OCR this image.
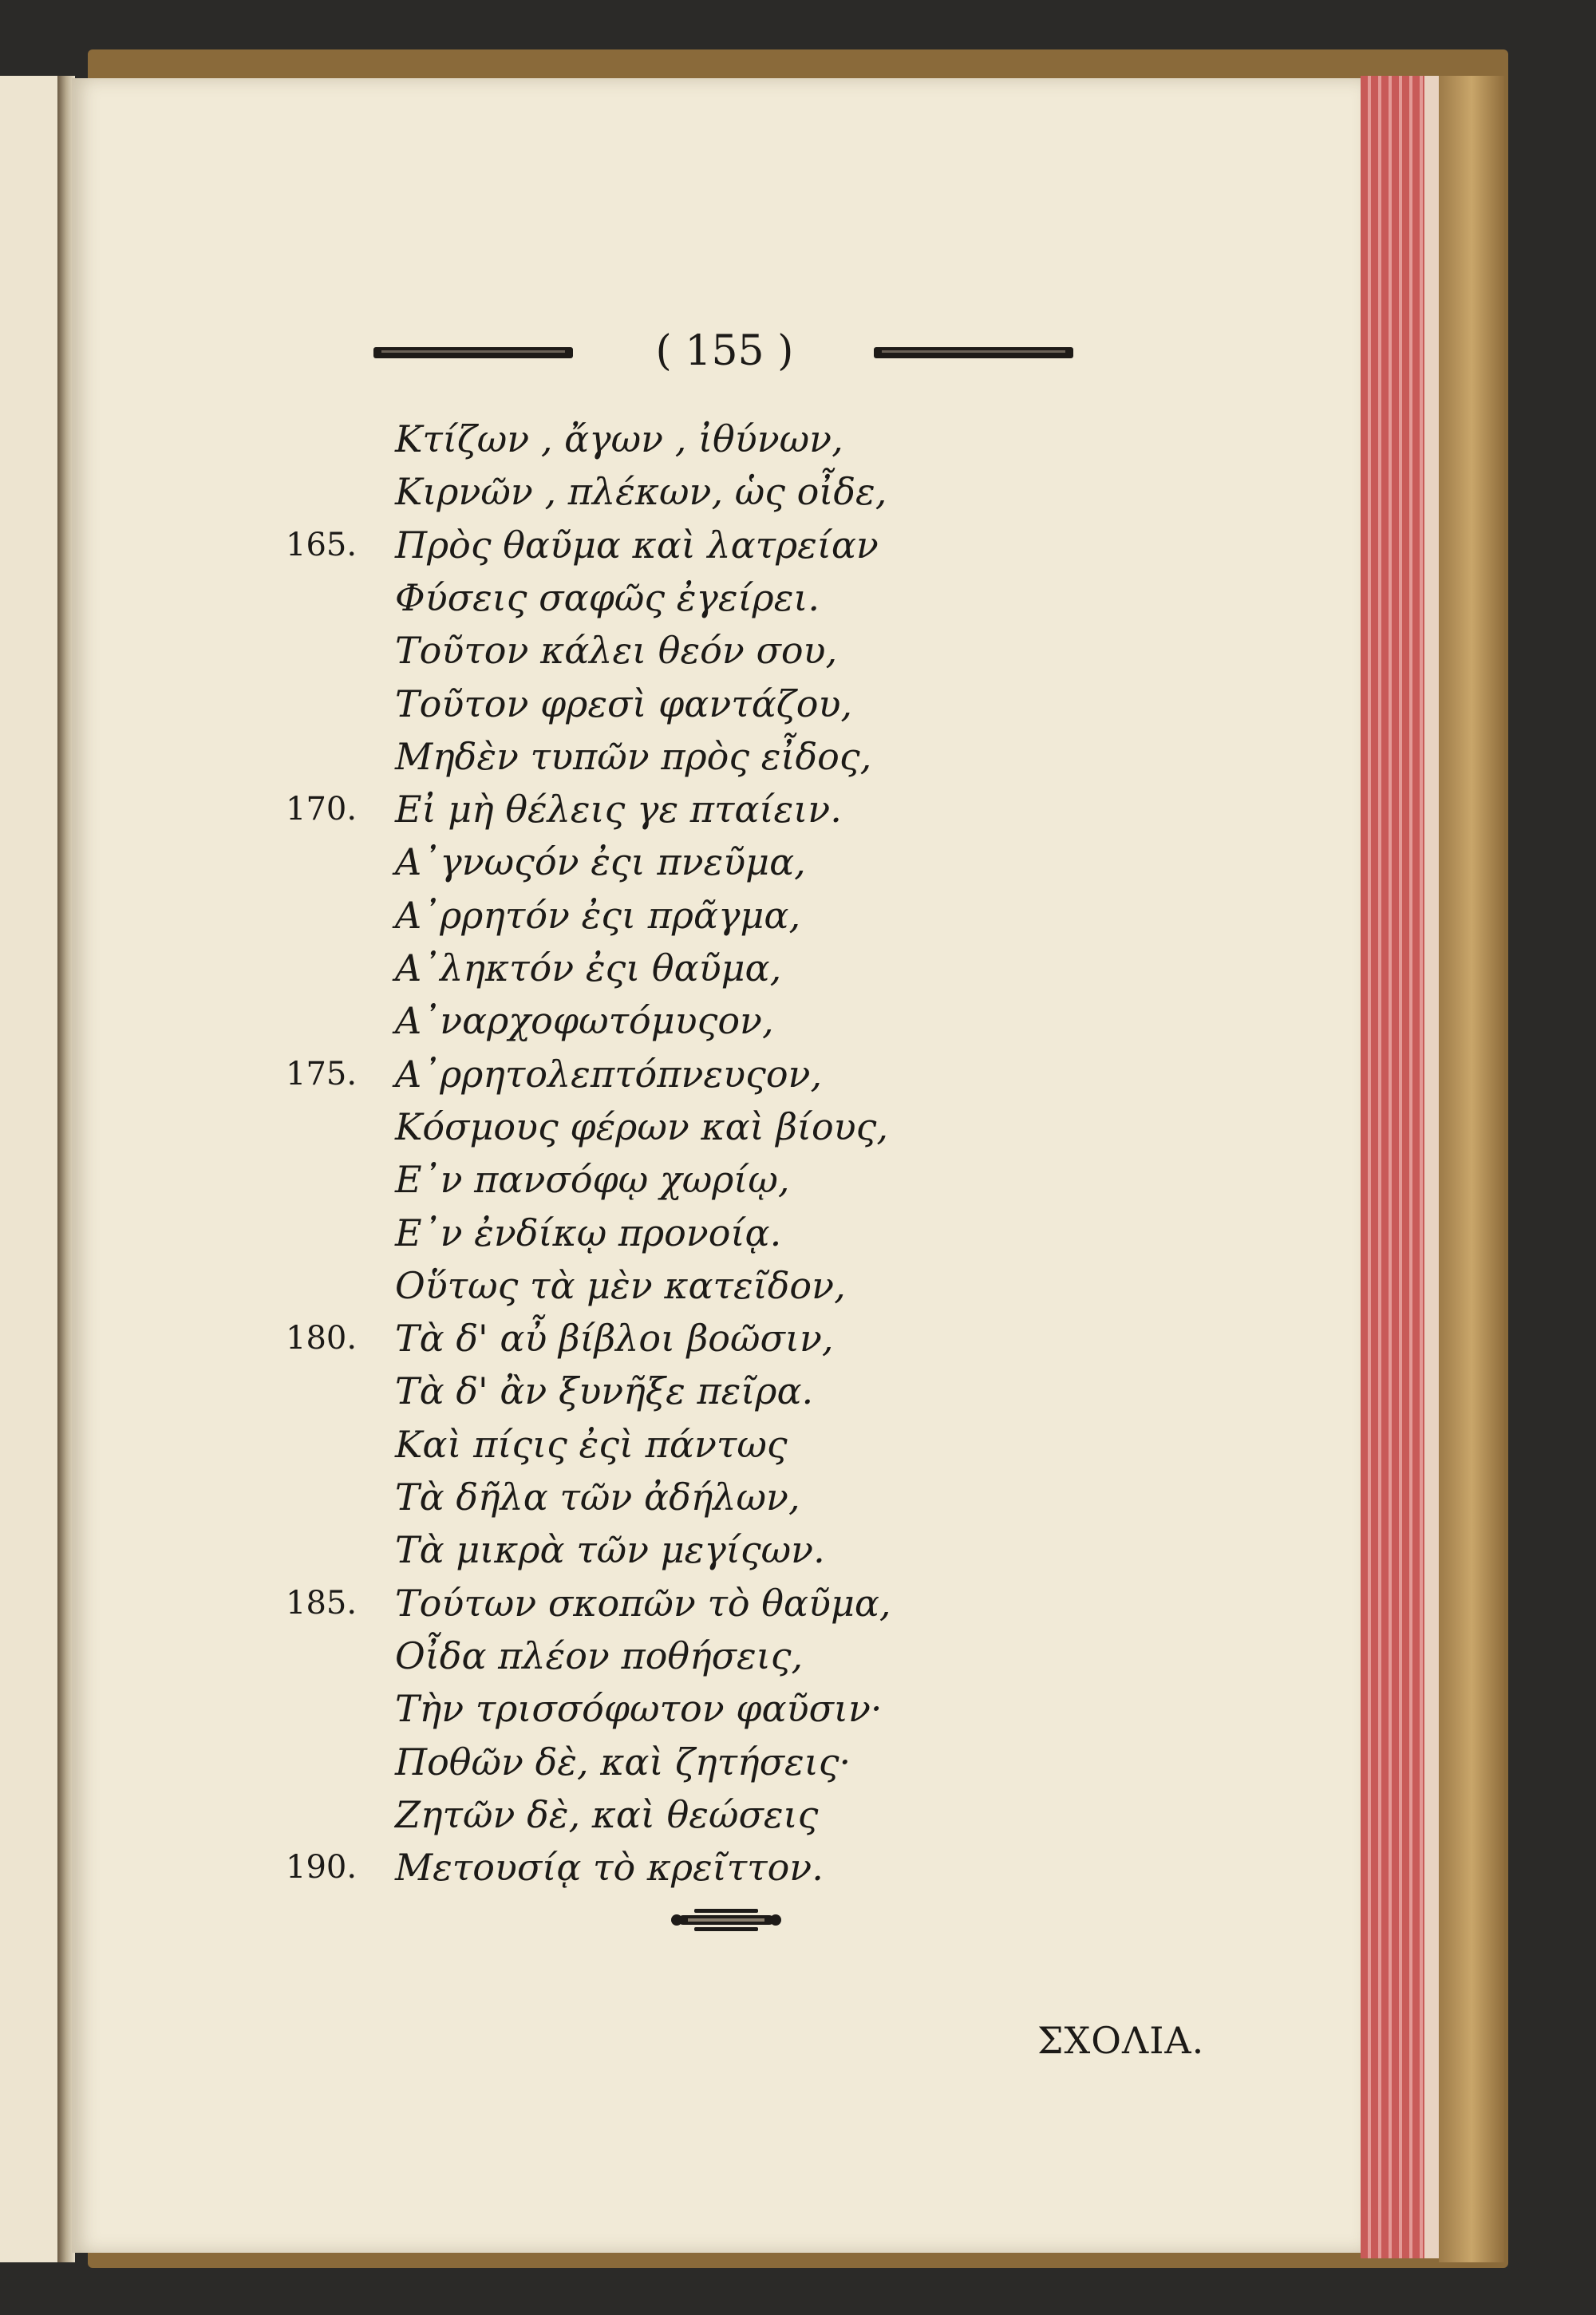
( 155 )
Κτίζων , ἄγων , ἰθύνων,
Κιρνῶν , πλέκων, ὡς οἶδε,
165. Πρὸς θαῦμα καὶ λατρείαν
Φύσεις σαφῶς ἐγείρει.
Τοῦτον κάλει θεόν σου,
Τοῦτον φρεσὶ φαντάζου,
Μηδὲν τυπῶν πρὸς εἶδος,
170. Εἰ μὴ θέλεις γε πταίειν.
Α᾿γνωςόν ἐςι πνεῦμα,
Α᾿ρρητόν ἐςι πρᾶγμα,
Α᾿ληκτόν ἐςι θαῦμα,
Α᾿ναρχοφωτόμυςον,
175. Α᾿ρρητολεπτόπνευςον,
Κόσμους φέρων καὶ βίους,
Ε᾿ν πανσόφῳ χωρίῳ,
Ε᾿ν ἐνδίκῳ προνοίᾳ.
Οὕτως τὰ μὲν κατεῖδον,
180. Τὰ δ' αὖ βίβλοι βοῶσιν,
Τὰ δ' ἂν ξυνῆξε πεῖρα.
Καὶ πίςις ἐςὶ πάντως
Τὰ δῆλα τῶν ἀδήλων,
Τὰ μικρὰ τῶν μεγίςων.
185. Τούτων σκοπῶν τὸ θαῦμα,
Οἶδα πλέον ποθήσεις,
Τὴν τρισσόφωτον φαῦσιν·
Ποθῶν δὲ, καὶ ζητήσεις·
Ζητῶν δὲ, καὶ θεώσεις
190. Μετουσίᾳ τὸ κρεῖττον.
ΣΧΟΛΙΑ.
